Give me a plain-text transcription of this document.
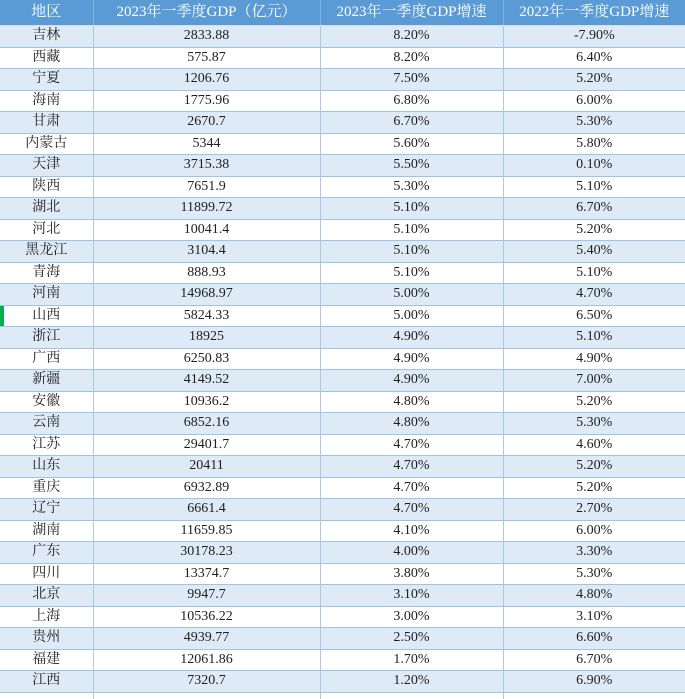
地区	2023年一季度GDP（亿元）	2023年一季度GDP增速	2022年一季度GDP增速
吉林	2833.88	8.20%	-7.90%
西藏	575.87	8.20%	6.40%
宁夏	1206.76	7.50%	5.20%
海南	1775.96	6.80%	6.00%
甘肃	2670.7	6.70%	5.30%
内蒙古	5344	5.60%	5.80%
天津	3715.38	5.50%	0.10%
陕西	7651.9	5.30%	5.10%
湖北	11899.72	5.10%	6.70%
河北	10041.4	5.10%	5.20%
黑龙江	3104.4	5.10%	5.40%
青海	888.93	5.10%	5.10%
河南	14968.97	5.00%	4.70%
山西	5824.33	5.00%	6.50%
浙江	18925	4.90%	5.10%
广西	6250.83	4.90%	4.90%
新疆	4149.52	4.90%	7.00%
安徽	10936.2	4.80%	5.20%
云南	6852.16	4.80%	5.30%
江苏	29401.7	4.70%	4.60%
山东	20411	4.70%	5.20%
重庆	6932.89	4.70%	5.20%
辽宁	6661.4	4.70%	2.70%
湖南	11659.85	4.10%	6.00%
广东	30178.23	4.00%	3.30%
四川	13374.7	3.80%	5.30%
北京	9947.7	3.10%	4.80%
上海	10536.22	3.00%	3.10%
贵州	4939.77	2.50%	6.60%
福建	12061.86	1.70%	6.70%
江西	7320.7	1.20%	6.90%
